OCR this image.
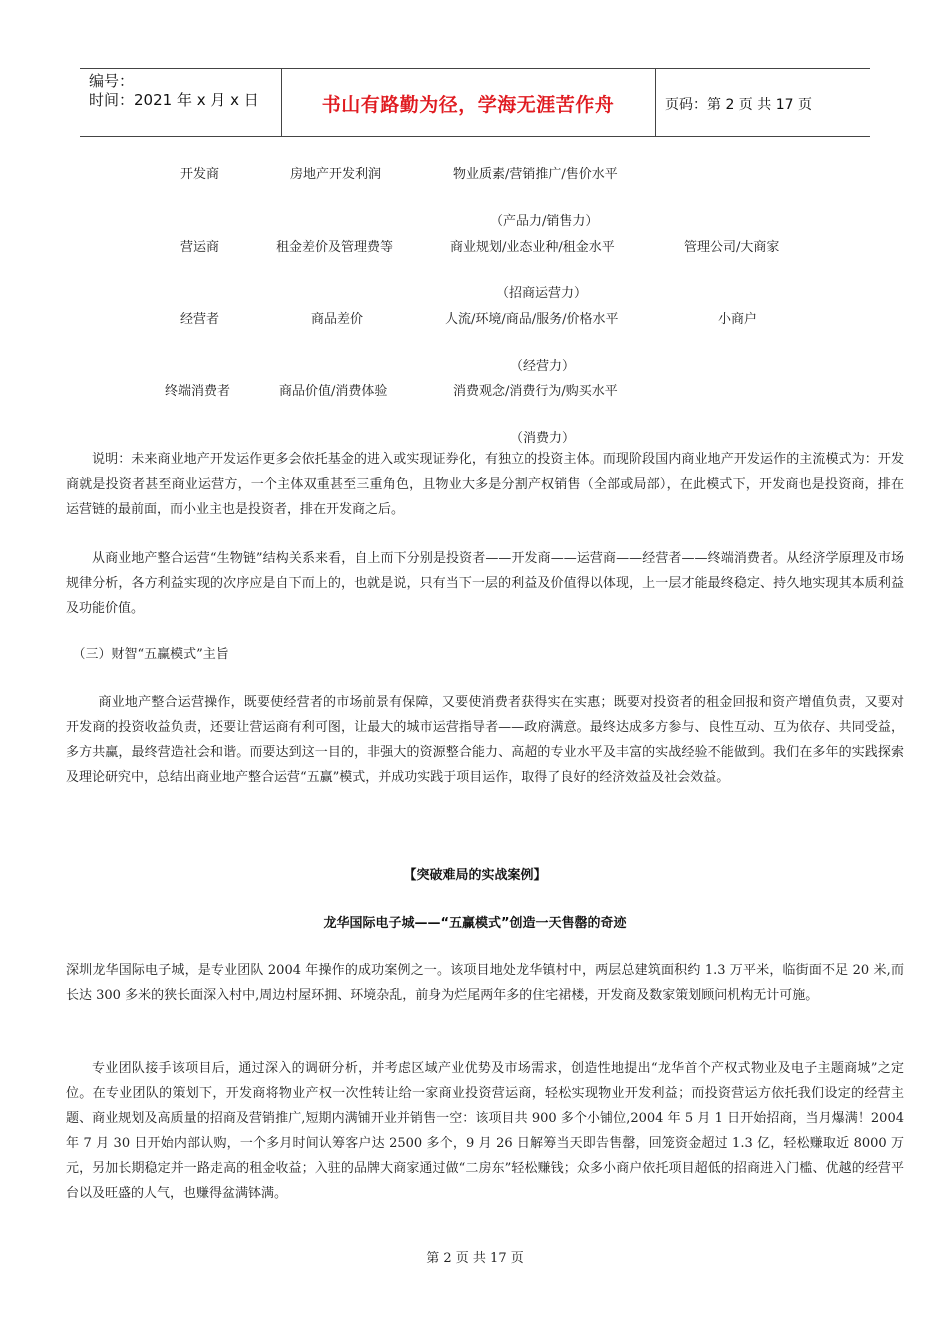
编号：
时间：2021 年 x 月 x 日	书山有路勤为径，学海无涯苦作舟	页码：第 2 页 共 17 页
开发商	房地产开发利润	物业质素/营销推广/售价水平
（产品力/销售力）
营运商	租金差价及管理费等	商业规划/业态业种/租金水平	管理公司/大商家
（招商运营力）
经营者	商品差价	人流/环境/商品/服务/价格水平	小商户
（经营力）
终端消费者	商品价值/消费体验	消费观念/消费行为/购买水平
（消费力）
说明：未来商业地产开发运作更多会依托基金的进入或实现证券化，有独立的投资主体。而现阶段国内商业地产开发运作的主流模式为：开发商就是投资者甚至商业运营方，一个主体双重甚至三重角色，且物业大多是分割产权销售（全部或局部），在此模式下，开发商也是投资商，排在运营链的最前面，而小业主也是投资者，排在开发商之后。
从商业地产整合运营“生物链”结构关系来看，自上而下分别是投资者——开发商——运营商——经营者——终端消费者。从经济学原理及市场规律分析，各方利益实现的次序应是自下而上的，也就是说，只有当下一层的利益及价值得以体现，上一层才能最终稳定、持久地实现其本质利益及功能价值。
（三）财智“五赢模式”主旨
商业地产整合运营操作，既要使经营者的市场前景有保障，又要使消费者获得实在实惠；既要对投资者的租金回报和资产增值负责，又要对开发商的投资收益负责，还要让营运商有利可图，让最大的城市运营指导者——政府满意。最终达成多方参与、良性互动、互为依存、共同受益，多方共赢，最终营造社会和谐。而要达到这一目的，非强大的资源整合能力、高超的专业水平及丰富的实战经验不能做到。我们在多年的实践探索及理论研究中，总结出商业地产整合运营“五赢”模式，并成功实践于项目运作，取得了良好的经济效益及社会效益。
【突破难局的实战案例】
龙华国际电子城——“五赢模式”创造一天售罄的奇迹
深圳龙华国际电子城，是专业团队 2004 年操作的成功案例之一。该项目地处龙华镇村中，两层总建筑面积约 1.3 万平米，临街面不足 20 米,而长达 300 多米的狭长面深入村中,周边村屋环拥、环境杂乱，前身为烂尾两年多的住宅裙楼，开发商及数家策划顾问机构无计可施。
专业团队接手该项目后，通过深入的调研分析，并考虑区域产业优势及市场需求，创造性地提出“龙华首个产权式物业及电子主题商城”之定位。在专业团队的策划下，开发商将物业产权一次性转让给一家商业投资营运商，轻松实现物业开发利益；而投资营运方依托我们设定的经营主题、商业规划及高质量的招商及营销推广,短期内满铺开业并销售一空：该项目共 900 多个小铺位,2004 年 5 月 1 日开始招商，当月爆满！2004 年 7 月 30 日开始内部认购，一个多月时间认筹客户达 2500 多个，9 月 26 日解筹当天即告售罄，回笼资金超过 1.3 亿，轻松赚取近 8000 万元，另加长期稳定并一路走高的租金收益；入驻的品牌大商家通过做“二房东”轻松赚钱；众多小商户依托项目超低的招商进入门槛、优越的经营平台以及旺盛的人气，也赚得盆满钵满。
第 2 页 共 17 页
